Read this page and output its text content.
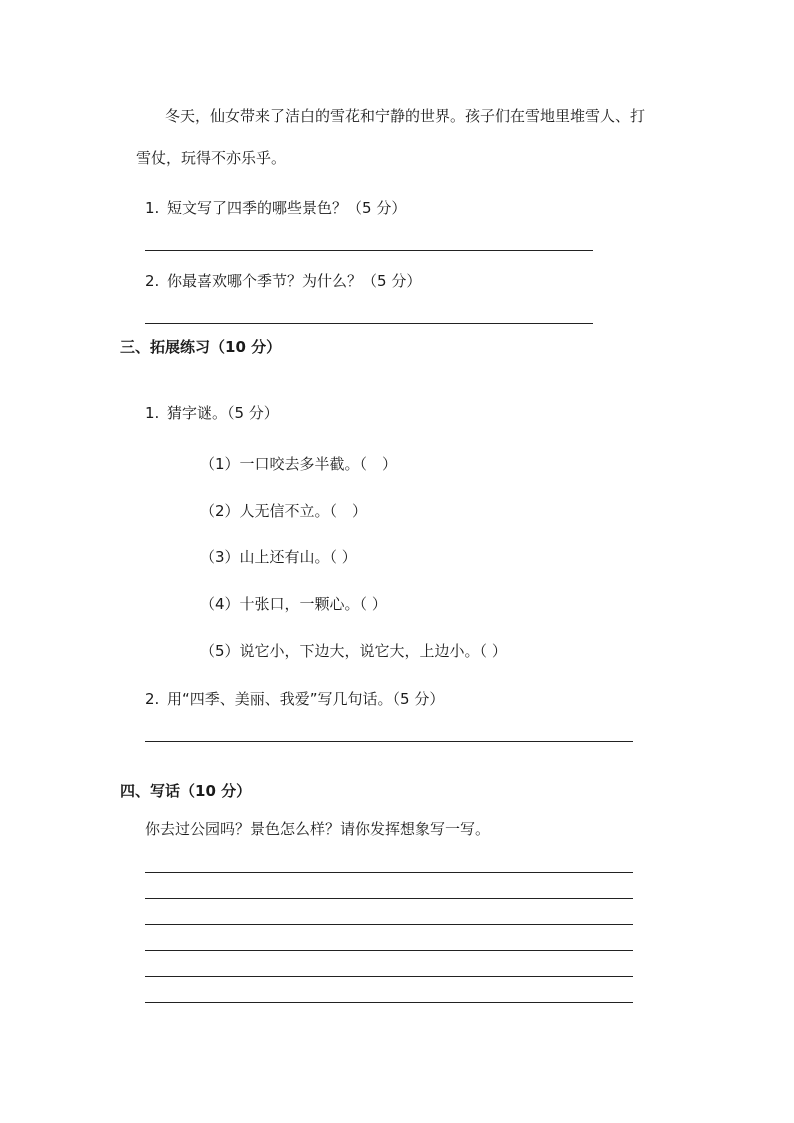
冬天，仙女带来了洁白的雪花和宁静的世界。孩子们在雪地里堆雪人、打
雪仗，玩得不亦乐乎。
1. 短文写了四季的哪些景色？（5 分）
2. 你最喜欢哪个季节？为什么？（5 分）
三、拓展练习（10 分）
1. 猜字谜。（5 分）
（1）一口咬去多半截。（　）
（2）人无信不立。（　）
（3）山上还有山。（ ）
（4）十张口，一颗心。（ ）
（5）说它小，下边大，说它大，上边小。（ ）
2. 用“四季、美丽、我爱”写几句话。（5 分）
四、写话（10 分）
你去过公园吗？景色怎么样？请你发挥想象写一写。
